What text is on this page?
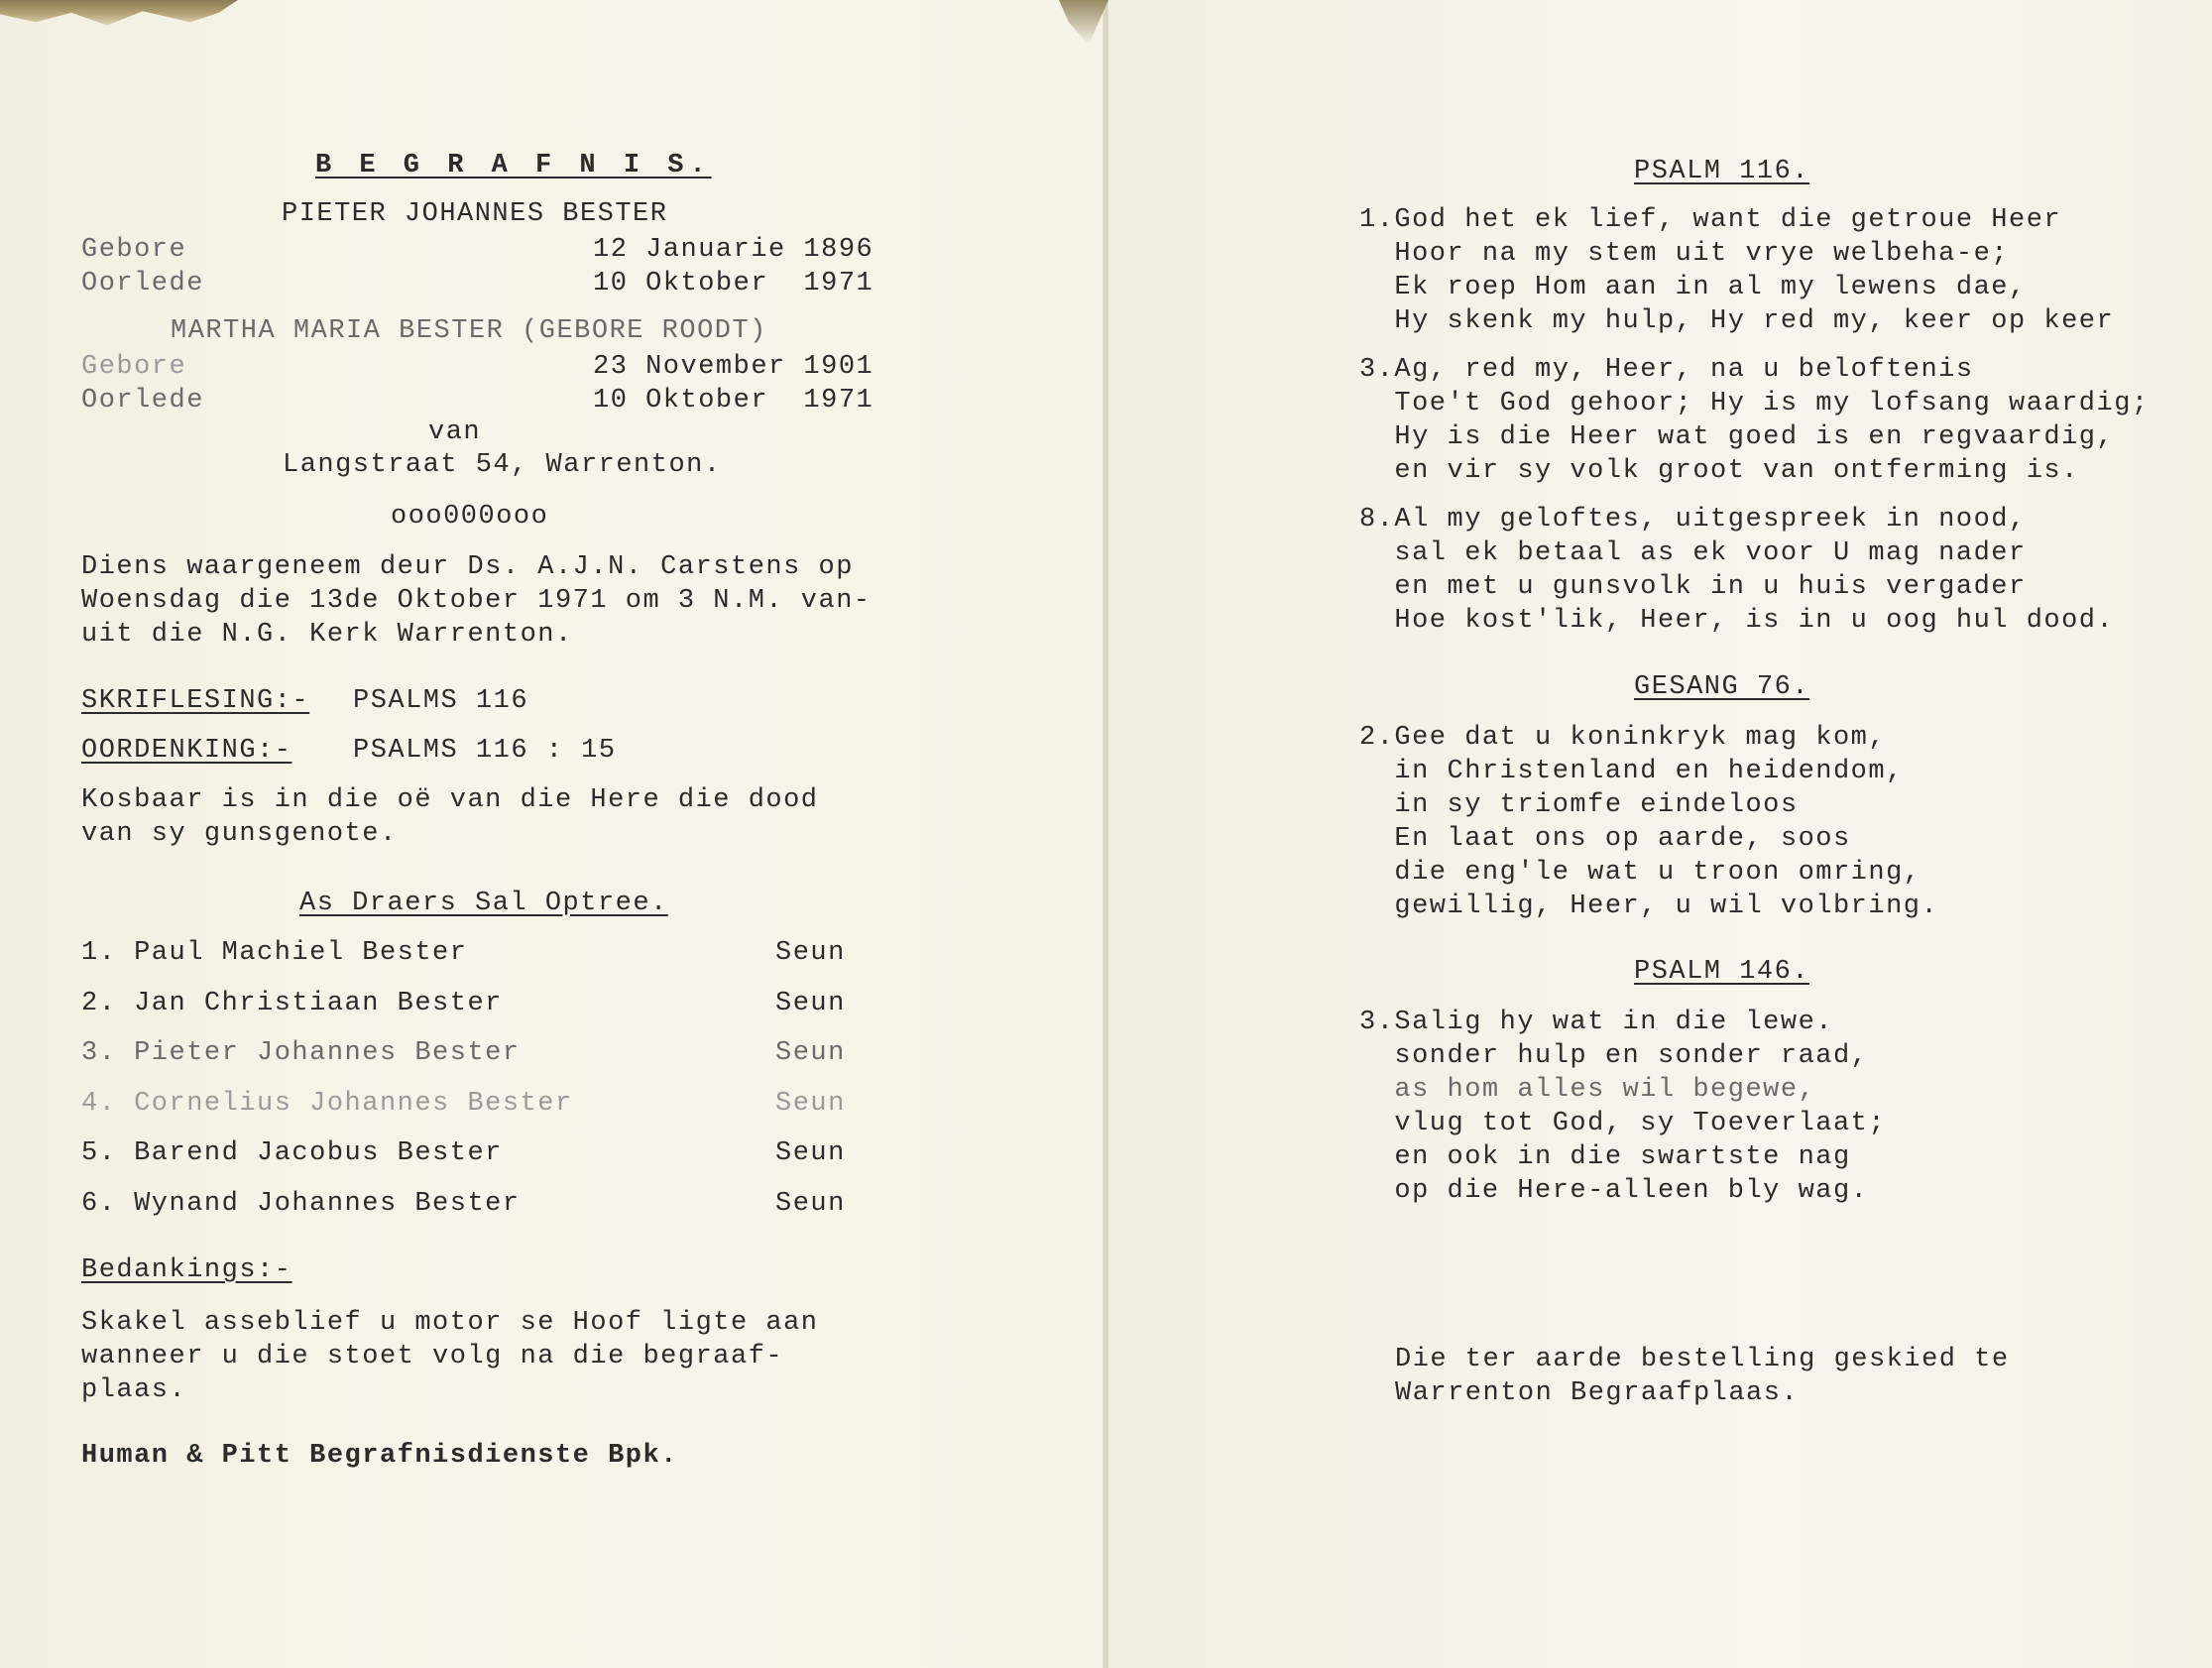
B E G R A F N I S.

PIETER JOHANNES BESTER

Gebore	12 Januarie 1896

Oorlede	10 Oktober  1971

MARTHA MARIA BESTER (GEBORE ROODT)

Gebore	23 November 1901

Oorlede	10 Oktober  1971

van

Langstraat 54, Warrenton.

ooo000ooo

Diens waargeneem deur Ds. A.J.N. Carstens op

Woensdag die 13de Oktober 1971 om 3 N.M. van-

uit die N.G. Kerk Warrenton.

SKRIFLESING:- PSALMS 116

OORDENKING:- PSALMS 116 : 15

Kosbaar is in die oë van die Here die dood

van sy gunsgenote.

As Draers Sal Optree.

1. Paul Machiel Bester	Seun

2. Jan Christiaan Bester	Seun

3. Pieter Johannes Bester	Seun

4. Cornelius Johannes Bester	Seun

5. Barend Jacobus Bester	Seun

6. Wynand Johannes Bester	Seun

Bedankings:-

Skakel asseblief u motor se Hoof ligte aan

wanneer u die stoet volg na die begraaf-

plaas.

Human & Pitt Begrafnisdienste Bpk.

PSALM 116.

1.God het ek lief, want die getroue Heer

Hoor na my stem uit vrye welbeha-e;

Ek roep Hom aan in al my lewens dae,

Hy skenk my hulp, Hy red my, keer op keer

3.Ag, red my, Heer, na u beloftenis

Toe't God gehoor; Hy is my lofsang waardig;

Hy is die Heer wat goed is en regvaardig,

en vir sy volk groot van ontferming is.

8.Al my geloftes, uitgespreek in nood,

sal ek betaal as ek voor U mag nader

en met u gunsvolk in u huis vergader

Hoe kost'lik, Heer, is in u oog hul dood.

GESANG 76.

2.Gee dat u koninkryk mag kom,

in Christenland en heidendom,

in sy triomfe eindeloos

En laat ons op aarde, soos

die eng'le wat u troon omring,

gewillig, Heer, u wil volbring.

PSALM 146.

3.Salig hy wat in die lewe.

sonder hulp en sonder raad,

as hom alles wil begewe,

vlug tot God, sy Toeverlaat;

en ook in die swartste nag

op die Here-alleen bly wag.

Die ter aarde bestelling geskied te

Warrenton Begraafplaas.
